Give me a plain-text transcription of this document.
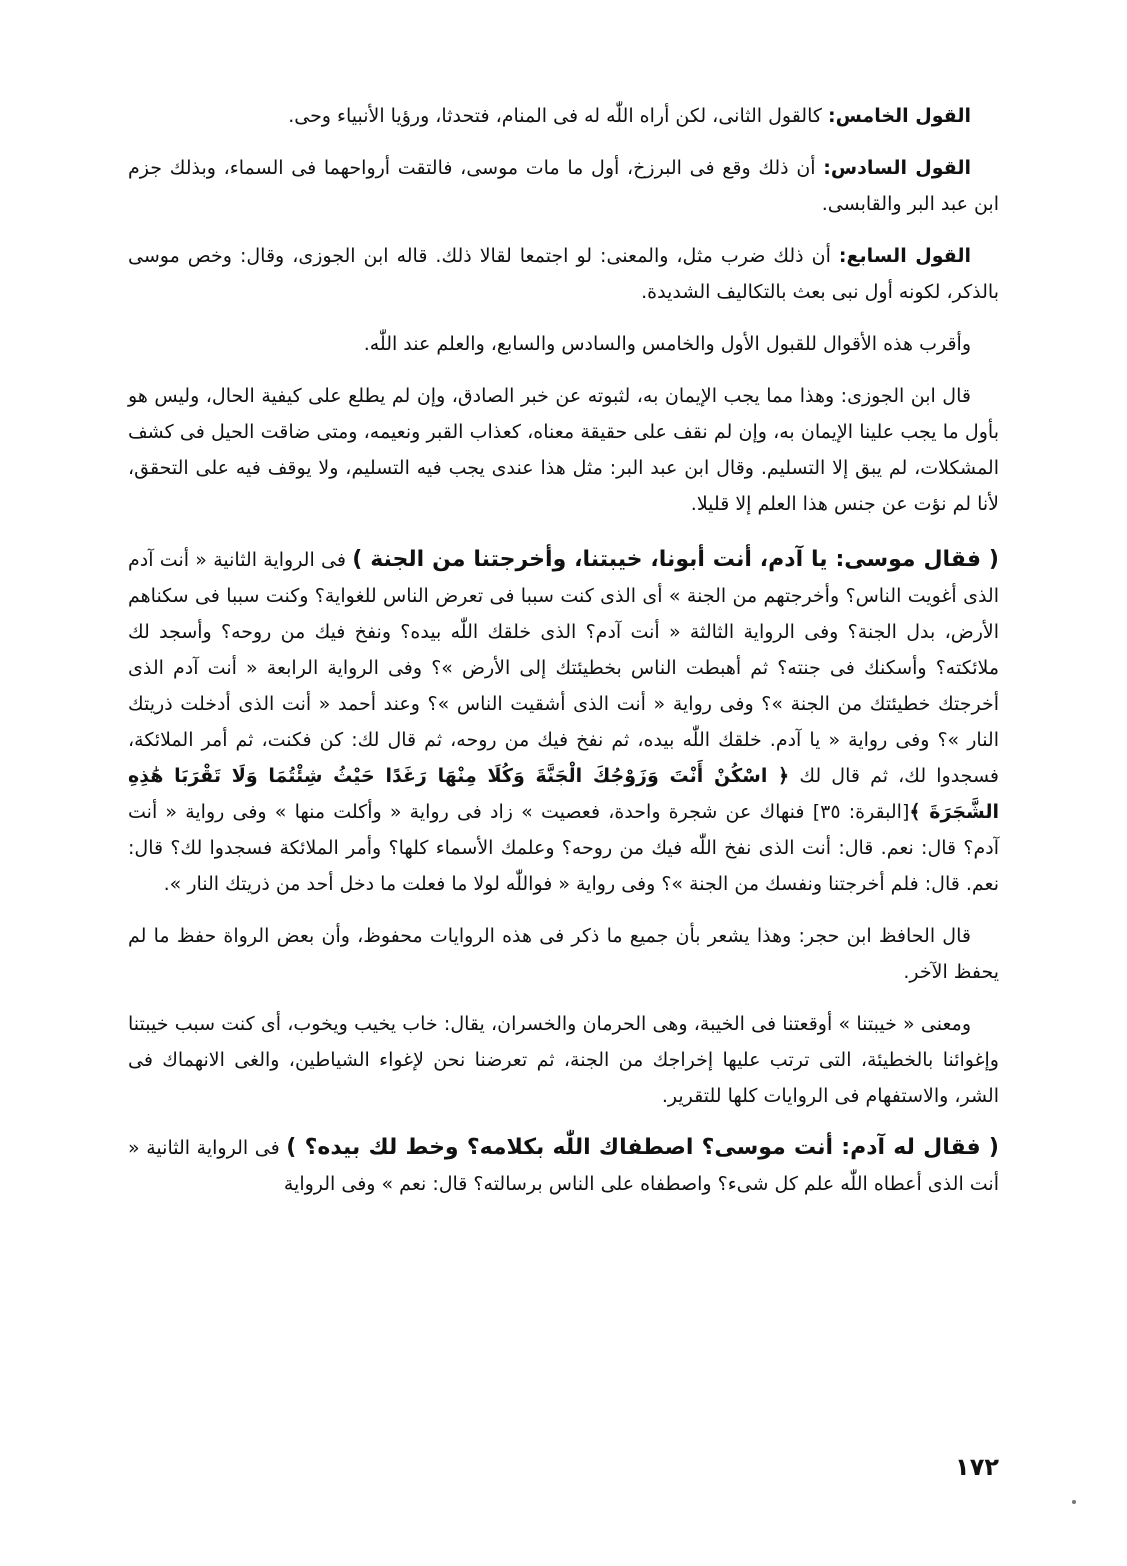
القول الخامس: كالقول الثانى، لكن أراه اللّٰه له فى المنام، فتحدثا، ورؤيا الأنبياء وحى.

القول السادس: أن ذلك وقع فى البرزخ، أول ما مات موسى، فالتقت أرواحهما فى السماء، وبذلك جزم ابن عبد البر والقابسى.

القول السابع: أن ذلك ضرب مثل، والمعنى: لو اجتمعا لقالا ذلك. قاله ابن الجوزى، وقال: وخص موسى بالذكر، لكونه أول نبى بعث بالتكاليف الشديدة.

وأقرب هذه الأقوال للقبول الأول والخامس والسادس والسابع، والعلم عند اللّٰه.

قال ابن الجوزى: وهذا مما يجب الإيمان به، لثبوته عن خبر الصادق، وإن لم يطلع على كيفية الحال، وليس هو بأول ما يجب علينا الإيمان به، وإن لم نقف على حقيقة معناه، كعذاب القبر ونعيمه، ومتى ضاقت الحيل فى كشف المشكلات، لم يبق إلا التسليم. وقال ابن عبد البر: مثل هذا عندى يجب فيه التسليم، ولا يوقف فيه على التحقق، لأنا لم نؤت عن جنس هذا العلم إلا قليلا.

( فقال موسى: يا آدم، أنت أبونا، خيبتنا، وأخرجتنا من الجنة ) فى الرواية الثانية « أنت آدم الذى أغويت الناس؟ وأخرجتهم من الجنة » أى الذى كنت سببا فى تعرض الناس للغواية؟ وكنت سببا فى سكناهم الأرض، بدل الجنة؟ وفى الرواية الثالثة « أنت آدم؟ الذى خلقك اللّٰه بيده؟ ونفخ فيك من روحه؟ وأسجد لك ملائكته؟ وأسكنك فى جنته؟ ثم أهبطت الناس بخطيئتك إلى الأرض »؟ وفى الرواية الرابعة « أنت آدم الذى أخرجتك خطيئتك من الجنة »؟ وفى رواية « أنت الذى أشقيت الناس »؟ وعند أحمد « أنت الذى أدخلت ذريتك النار »؟ وفى رواية « يا آدم. خلقك اللّٰه بيده، ثم نفخ فيك من روحه، ثم قال لك: كن فكنت، ثم أمر الملائكة، فسجدوا لك، ثم قال لك ﴿ اسْكُنْ أَنْتَ وَزَوْجُكَ الْجَنَّةَ وَكُلَا مِنْهَا رَغَدًا حَيْثُ شِئْتُمَا وَلَا تَقْرَبَا هَٰذِهِ الشَّجَرَةَ ﴾[البقرة: ٣٥] فنهاك عن شجرة واحدة، فعصيت » زاد فى رواية « وأكلت منها » وفى رواية « أنت آدم؟ قال: نعم. قال: أنت الذى نفخ اللّٰه فيك من روحه؟ وعلمك الأسماء كلها؟ وأمر الملائكة فسجدوا لك؟ قال: نعم. قال: فلم أخرجتنا ونفسك من الجنة »؟ وفى رواية « فواللّٰه لولا ما فعلت ما دخل أحد من ذريتك النار ».

قال الحافظ ابن حجر: وهذا يشعر بأن جميع ما ذكر فى هذه الروايات محفوظ، وأن بعض الرواة حفظ ما لم يحفظ الآخر.

ومعنى « خيبتنا » أوقعتنا فى الخيبة، وهى الحرمان والخسران، يقال: خاب يخيب ويخوب، أى كنت سبب خيبتنا وإغوائنا بالخطيئة، التى ترتب عليها إخراجك من الجنة، ثم تعرضنا نحن لإغواء الشياطين، والغى الانهماك فى الشر، والاستفهام فى الروايات كلها للتقرير.

( فقال له آدم: أنت موسى؟ اصطفاك اللّٰه بكلامه؟ وخط لك بيده؟ ) فى الرواية الثانية « أنت الذى أعطاه اللّٰه علم كل شىء؟ واصطفاه على الناس برسالته؟ قال: نعم » وفى الرواية

١٧٢
